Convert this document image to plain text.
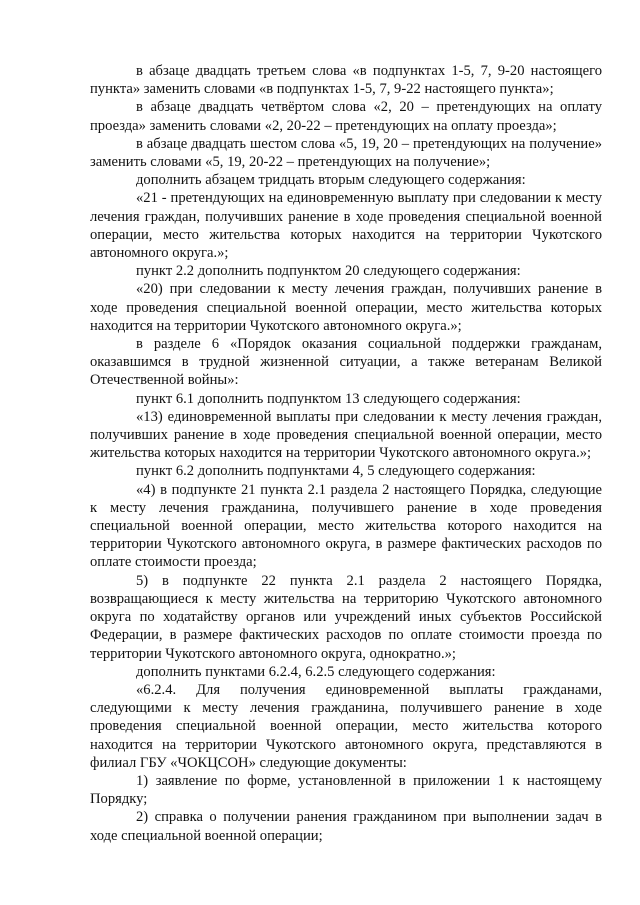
в абзаце двадцать третьем слова «в подпунктах 1-5, 7, 9-20 настоящего пункта» заменить словами «в подпунктах 1-5, 7, 9-22 настоящего пункта»;

в абзаце двадцать четвёртом слова «2, 20 – претендующих на оплату проезда» заменить словами «2, 20-22 – претендующих на оплату проезда»;

в абзаце двадцать шестом слова «5, 19, 20 – претендующих на получение» заменить словами «5, 19, 20-22 – претендующих на получение»;

дополнить абзацем тридцать вторым следующего содержания:

«21 - претендующих на единовременную выплату при следовании к месту лечения граждан, получивших ранение в ходе проведения специальной военной операции, место жительства которых находится на территории Чукотского автономного округа.»;

пункт 2.2 дополнить подпунктом 20 следующего содержания:

«20) при следовании к месту лечения граждан, получивших ранение в ходе проведения специальной военной операции, место жительства которых находится на территории Чукотского автономного округа.»;

в разделе 6 «Порядок оказания социальной поддержки гражданам, оказавшимся в трудной жизненной ситуации, а также ветеранам Великой Отечественной войны»:

пункт 6.1 дополнить подпунктом 13 следующего содержания:

«13) единовременной выплаты при следовании к месту лечения граждан, получивших ранение в ходе проведения специальной военной операции, место жительства которых находится на территории Чукотского автономного округа.»;

пункт 6.2 дополнить подпунктами 4, 5 следующего содержания:

«4) в подпункте 21 пункта 2.1 раздела 2 настоящего Порядка, следующие к месту лечения гражданина, получившего ранение в ходе проведения специальной военной операции, место жительства которого находится на территории Чукотского автономного округа, в размере фактических расходов по оплате стоимости проезда;

5) в подпункте 22 пункта 2.1 раздела 2 настоящего Порядка, возвращающиеся к месту жительства на территорию Чукотского автономного округа по ходатайству органов или учреждений иных субъектов Российской Федерации, в размере фактических расходов по оплате стоимости проезда по территории Чукотского автономного округа, однократно.»;

дополнить пунктами 6.2.4, 6.2.5 следующего содержания:

«6.2.4. Для получения единовременной выплаты гражданами, следующими к месту лечения гражданина, получившего ранение в ходе проведения специальной военной операции, место жительства которого находится на территории Чукотского автономного округа, представляются в филиал ГБУ «ЧОКЦСОН» следующие документы:

1) заявление по форме, установленной в приложении 1 к настоящему Порядку;

2) справка о получении ранения гражданином при выполнении задач в ходе специальной военной операции;
